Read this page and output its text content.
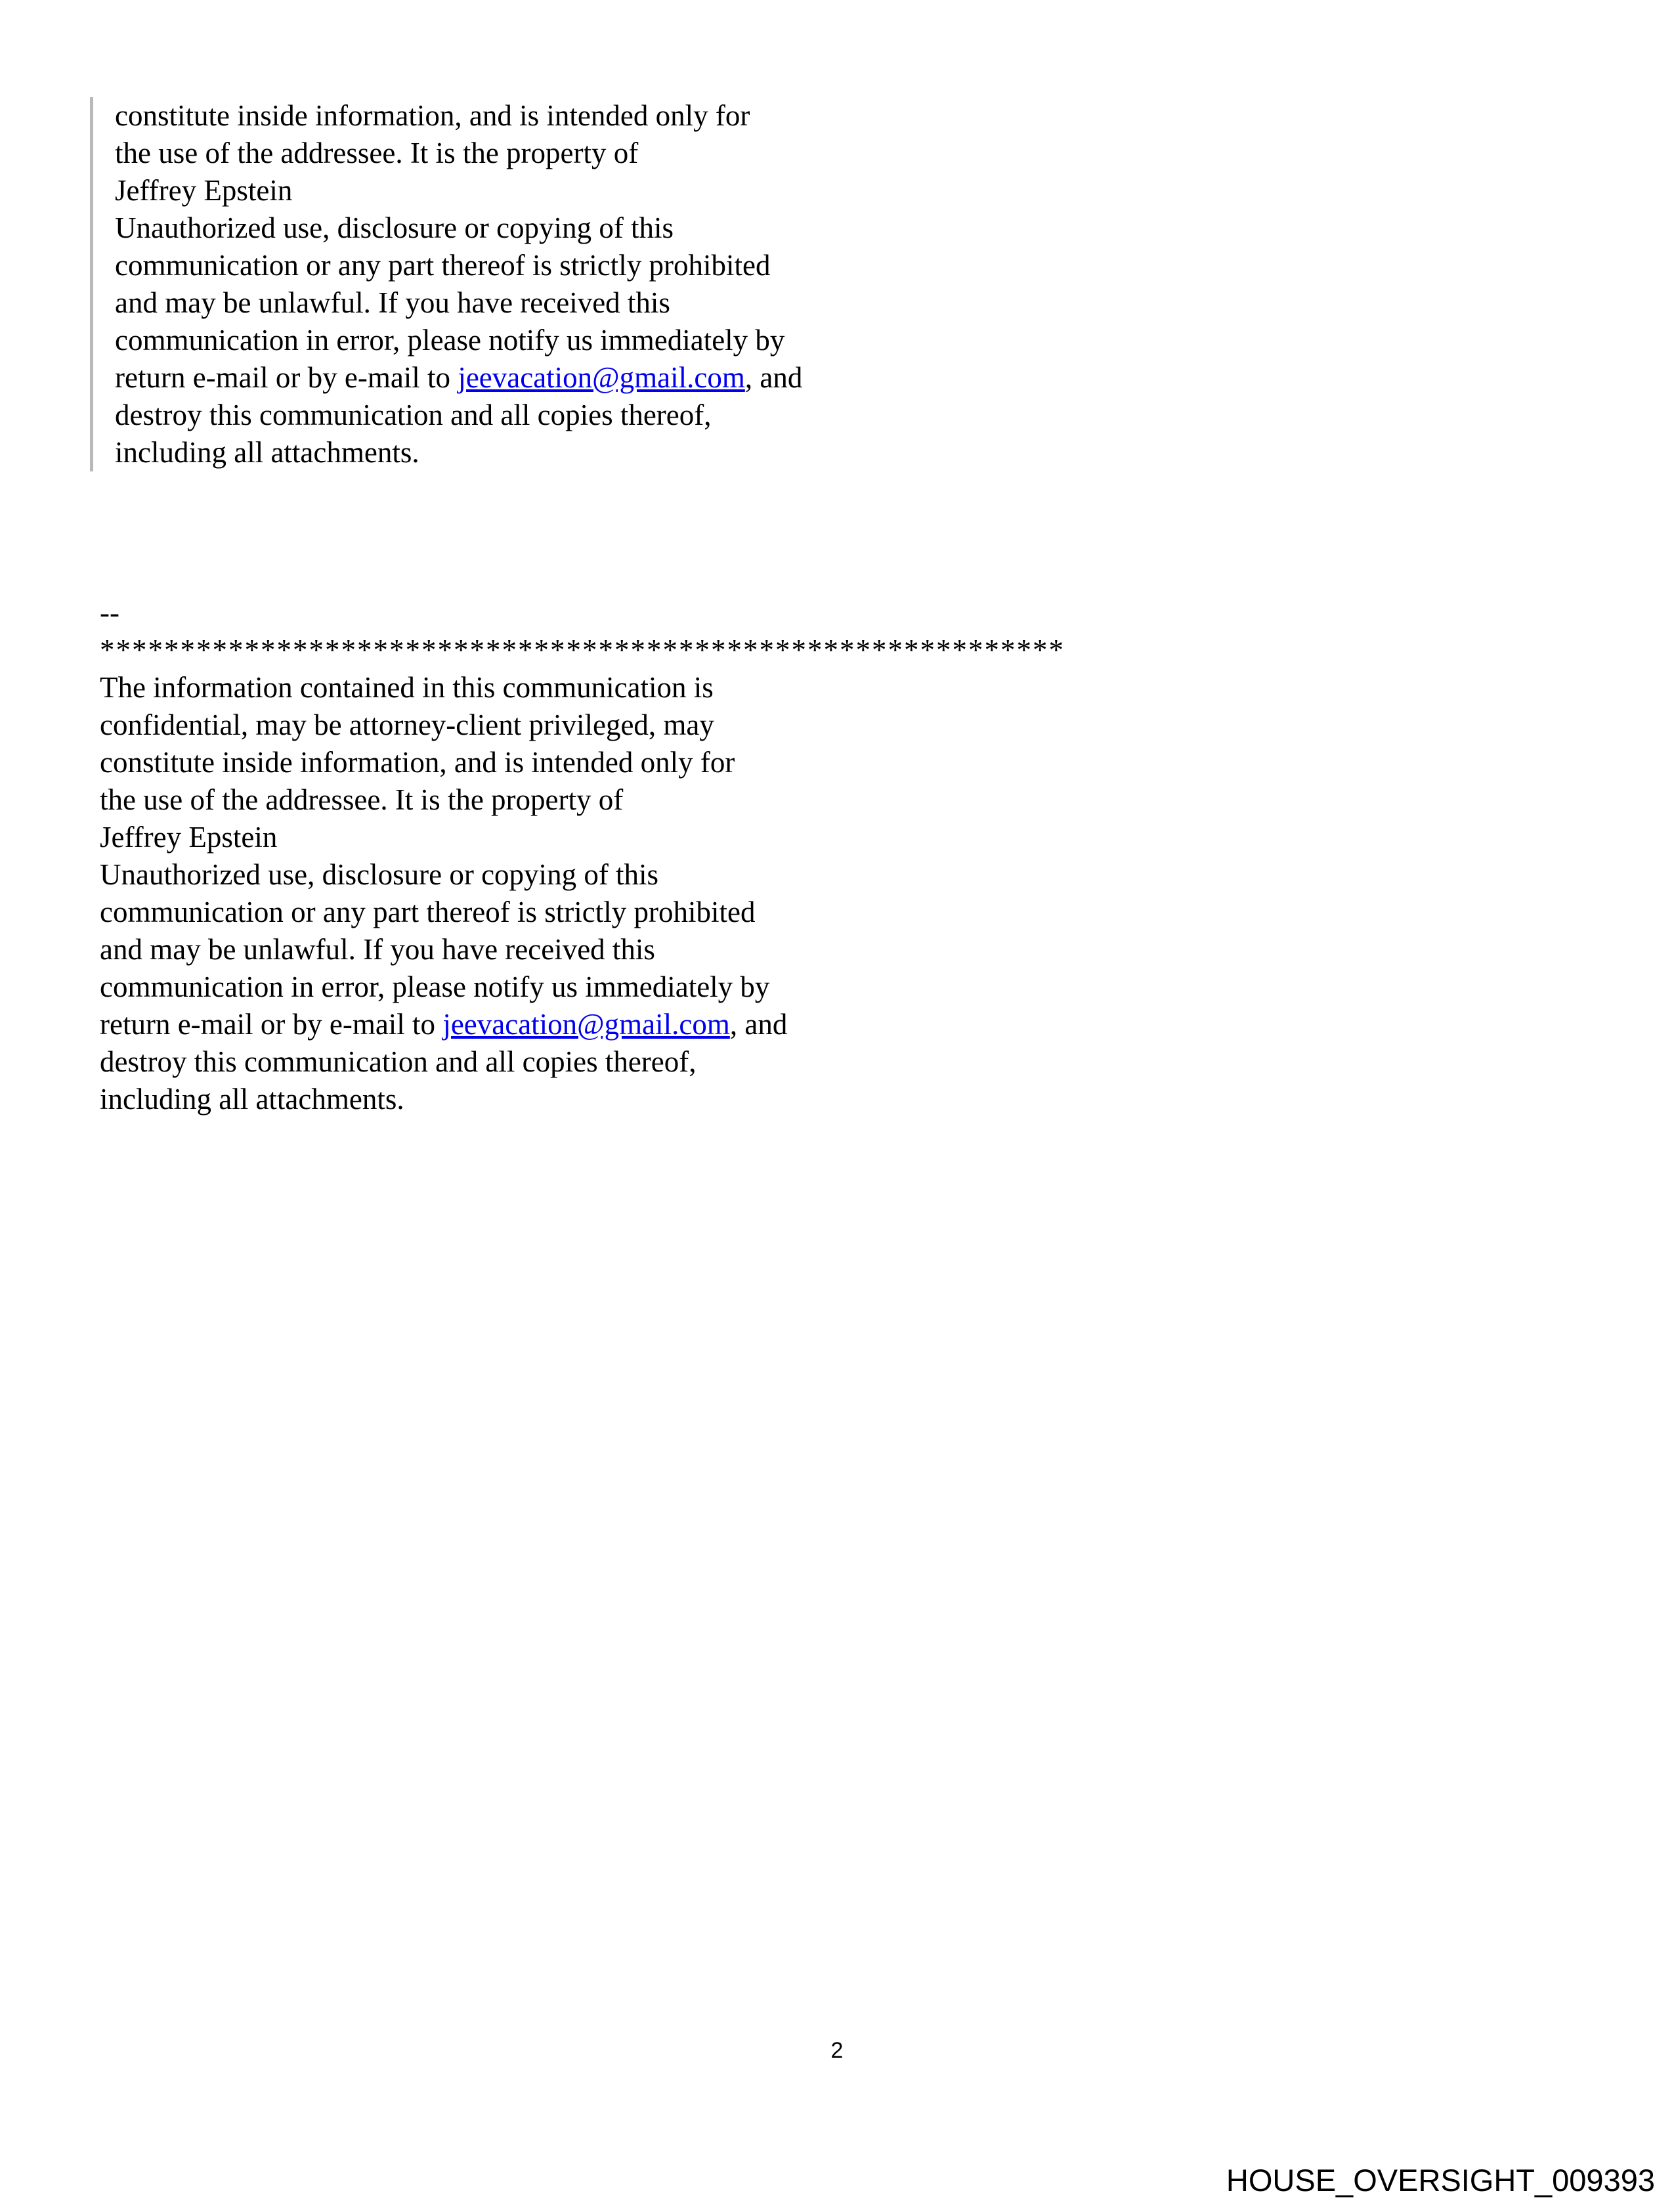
constitute inside information, and is intended only for
the use of the addressee. It is the property of
Jeffrey Epstein
Unauthorized use, disclosure or copying of this
communication or any part thereof is strictly prohibited
and may be unlawful. If you have received this
communication in error, please notify us immediately by
return e-mail or by e-mail to jeevacation@gmail.com, and
destroy this communication and all copies thereof,
including all attachments.
--
************************************************************
The information contained in this communication is
confidential, may be attorney-client privileged, may
constitute inside information, and is intended only for
the use of the addressee. It is the property of
Jeffrey Epstein
Unauthorized use, disclosure or copying of this
communication or any part thereof is strictly prohibited
and may be unlawful. If you have received this
communication in error, please notify us immediately by
return e-mail or by e-mail to jeevacation@gmail.com, and
destroy this communication and all copies thereof,
including all attachments.
2
HOUSE_OVERSIGHT_009393
